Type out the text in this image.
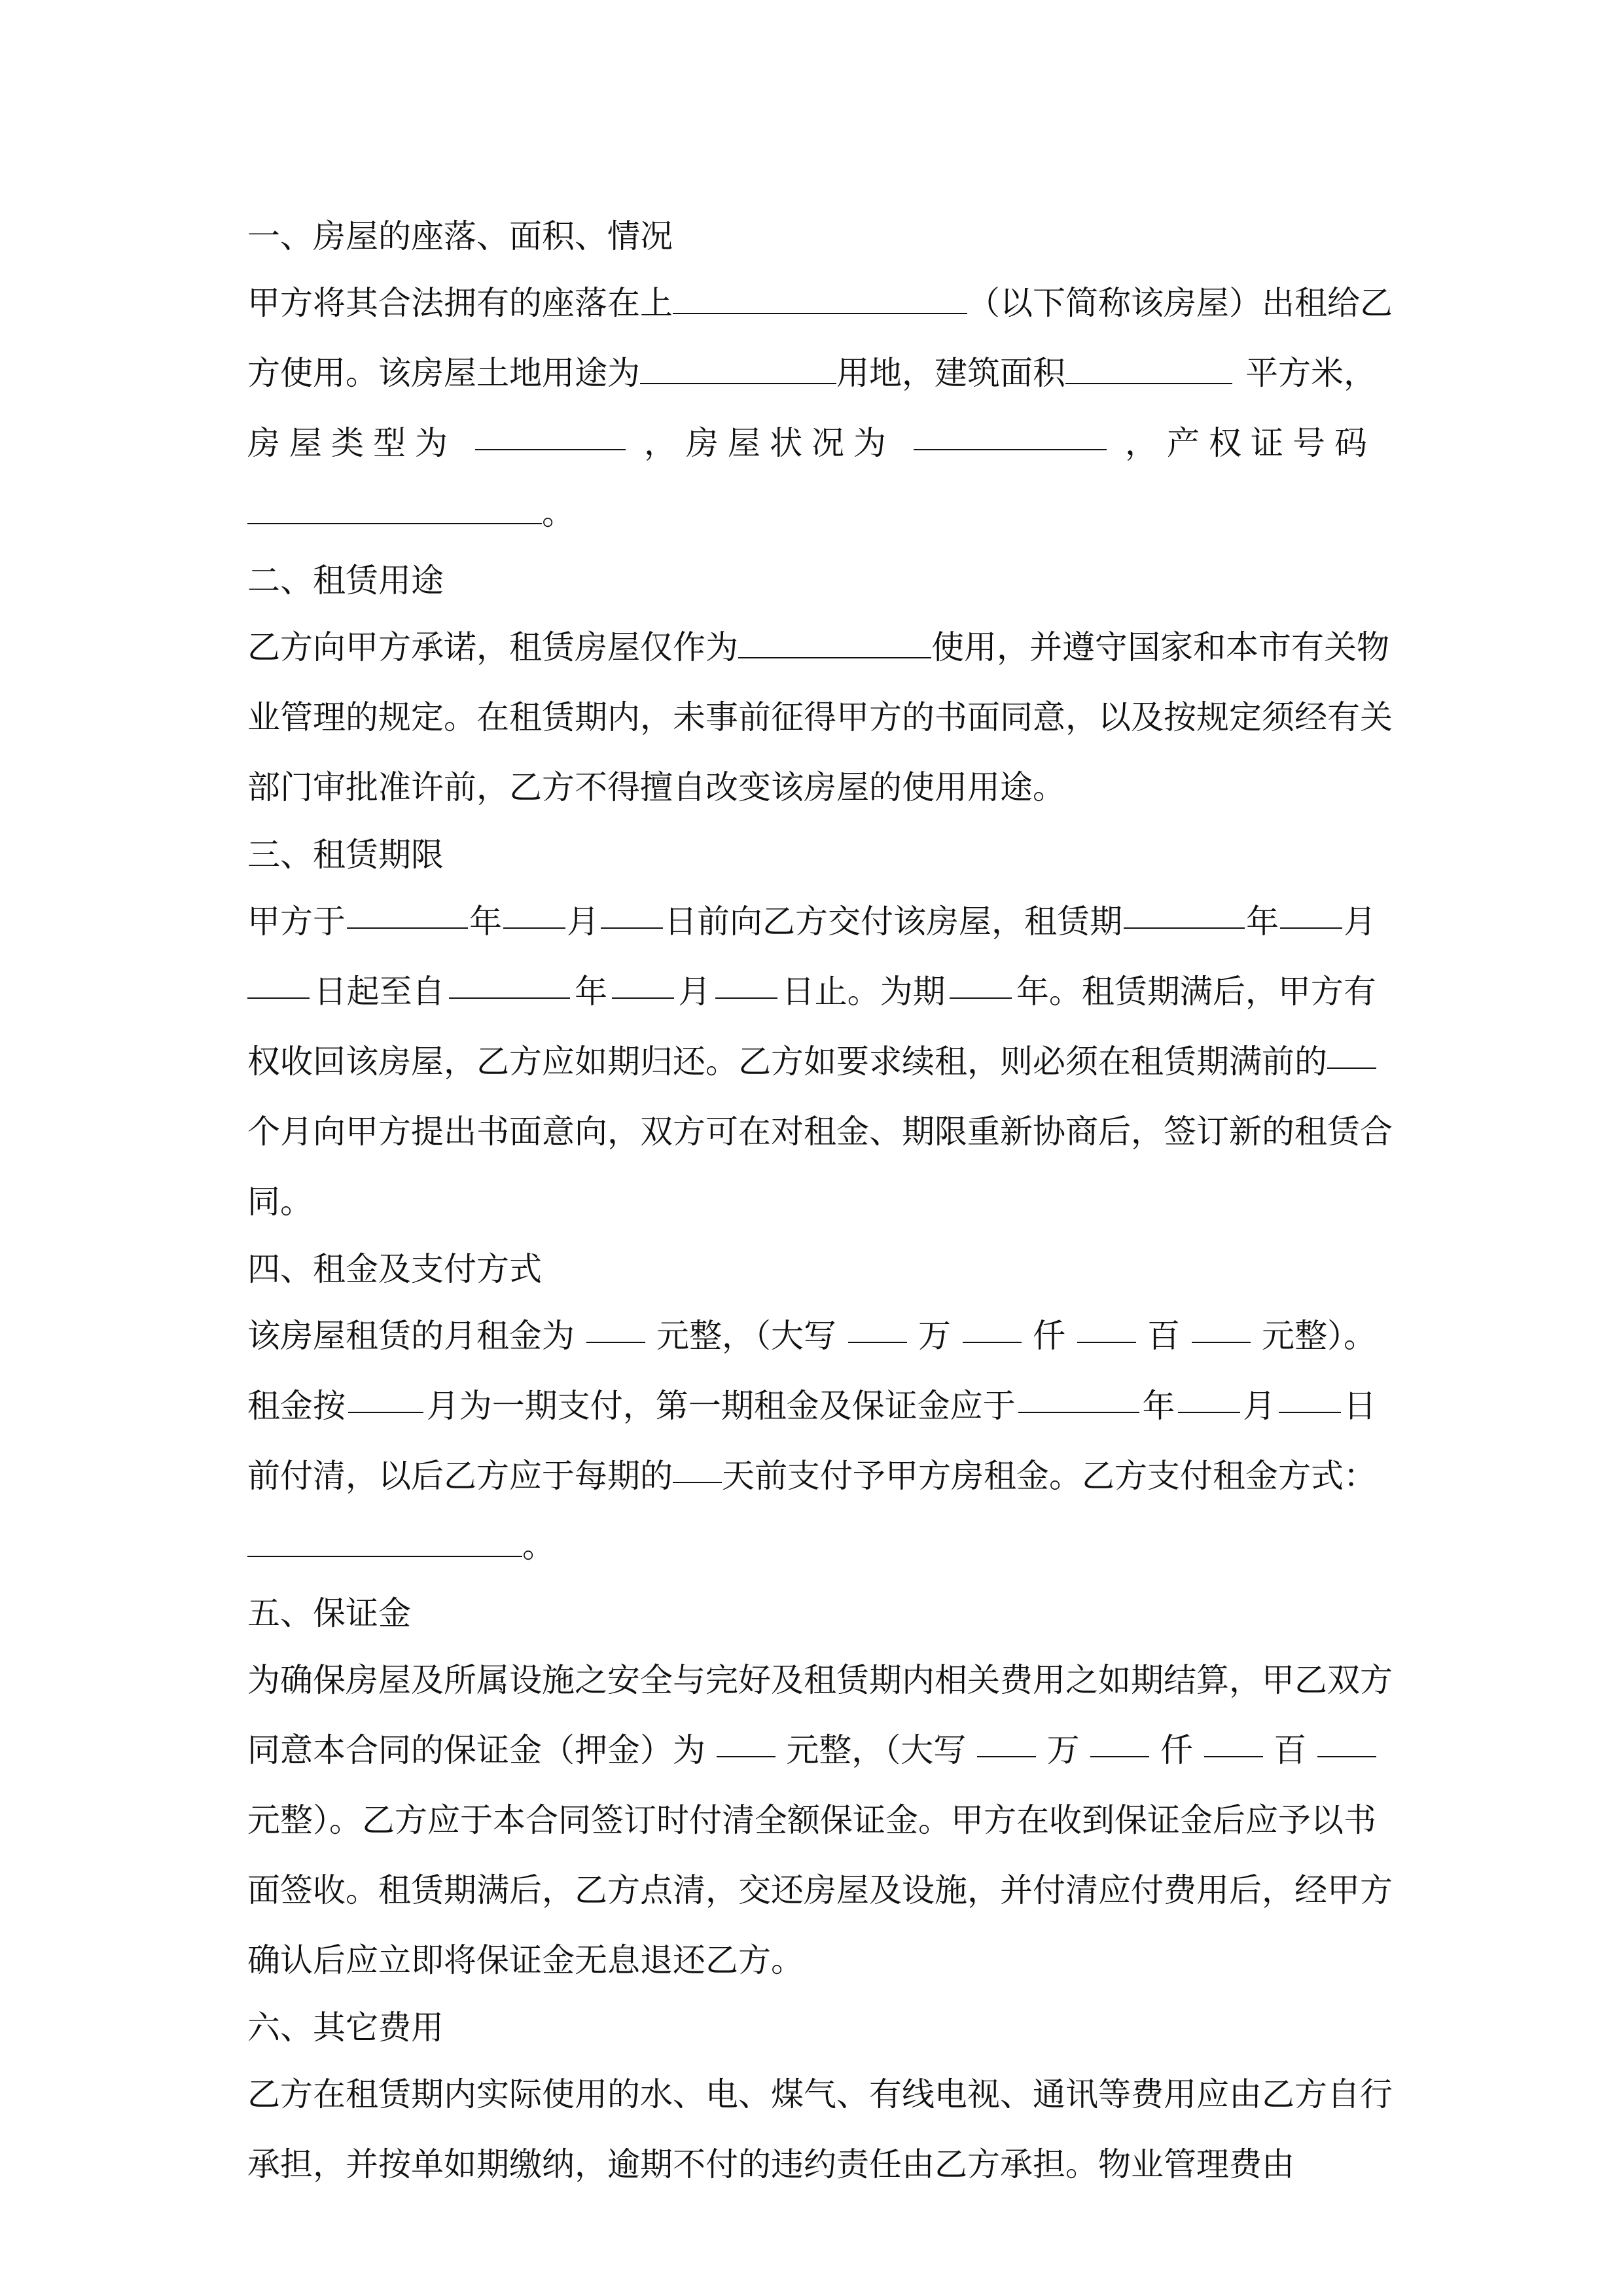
一、房屋的座落、面积、情况

甲方将其合法拥有的座落在上	（以下简称该房屋）出租给乙
方使用。该房屋土地用途为	用地，建筑面积	平方米，
房屋类型为	，房屋状况为	，产权证号码
。

二、租赁用途

乙方向甲方承诺，租赁房屋仅作为	使用，并遵守国家和本市有关物
业管理的规定。在租赁期内，未事前征得甲方的书面同意，以及按规定须经有关
部门审批准许前，乙方不得擅自改变该房屋的使用用途。

三、租赁期限

甲方于	年 月 日前向乙方交付该房屋，租赁期	年 月
日起至自	年 月 日止。为期 年。租赁期满后，甲方有
权收回该房屋，乙方应如期归还。乙方如要求续租，则必须在租赁期满前的
个月向甲方提出书面意向，双方可在对租金、期限重新协商后，签订新的租赁合
同。

四、租金及支付方式

该房屋租赁的月租金为	元整，（大写	万	仟	百	元整）。
租金按 月为一期支付，第一期租金及保证金应于	年 月 日
前付清，以后乙方应于每期的 天前支付予甲方房租金。乙方支付租金方式：
。

五、保证金

为确保房屋及所属设施之安全与完好及租赁期内相关费用之如期结算，甲乙双方
同意本合同的保证金（押金）为 元整，（大写 万 仟 百
元整）。乙方应于本合同签订时付清全额保证金。甲方在收到保证金后应予以书
面签收。租赁期满后，乙方点清，交还房屋及设施，并付清应付费用后，经甲方
确认后应立即将保证金无息退还乙方。

六、其它费用

乙方在租赁期内实际使用的水、电、煤气、有线电视、通讯等费用应由乙方自行
承担，并按单如期缴纳，逾期不付的违约责任由乙方承担。物业管理费由
